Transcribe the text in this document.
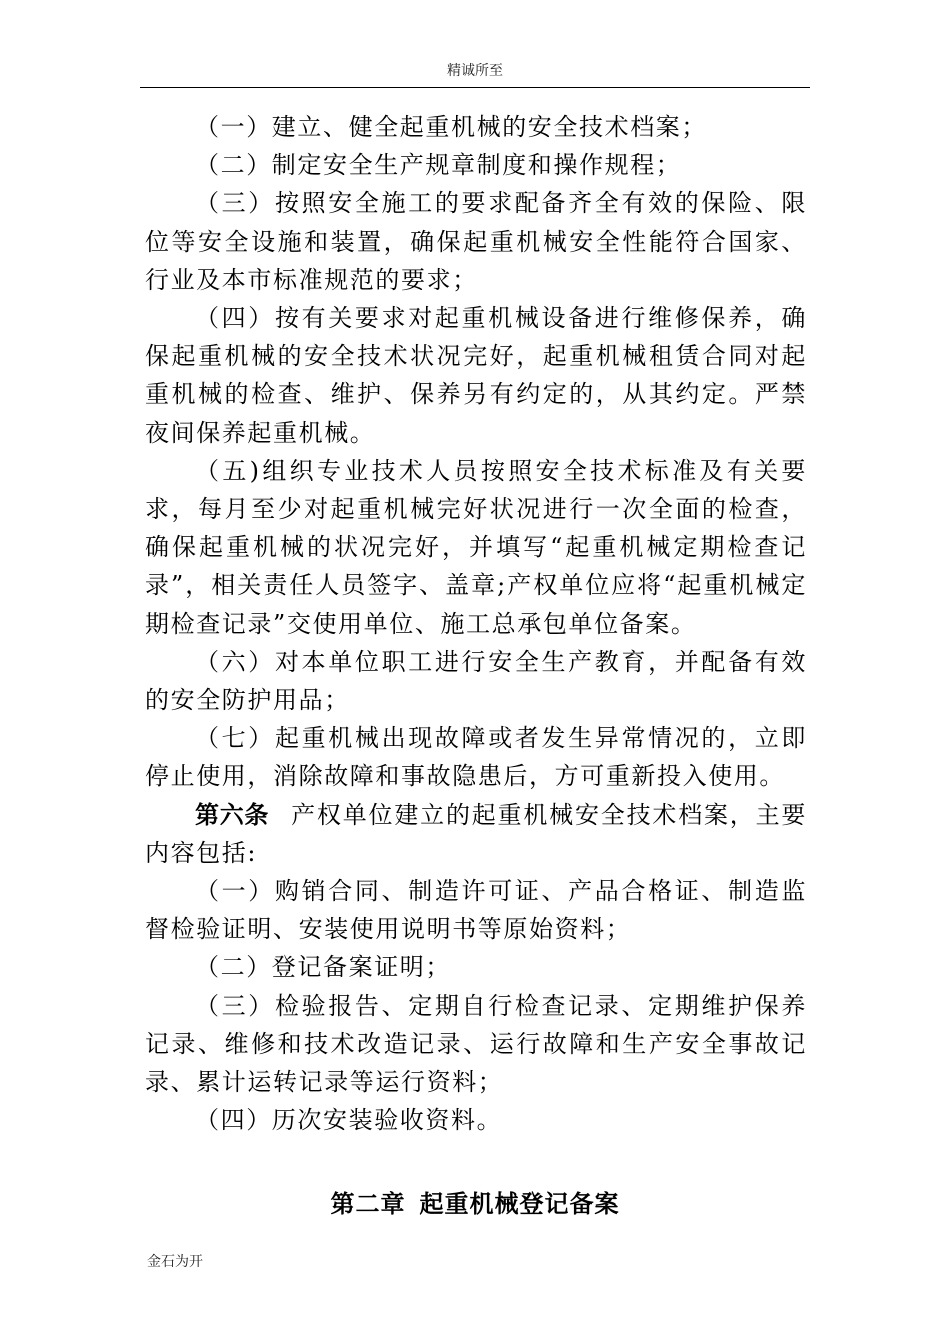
精诚所至

（一）建立、健全起重机械的安全技术档案；

（二）制定安全生产规章制度和操作规程；

（三）按照安全施工的要求配备齐全有效的保险、限位等安全设施和装置，确保起重机械安全性能符合国家、行业及本市标准规范的要求；

（四）按有关要求对起重机械设备进行维修保养，确保起重机械的安全技术状况完好，起重机械租赁合同对起重机械的检查、维护、保养另有约定的，从其约定。严禁夜间保养起重机械。

（五)组织专业技术人员按照安全技术标准及有关要求，每月至少对起重机械完好状况进行一次全面的检查，确保起重机械的状况完好，并填写“起重机械定期检查记录”，相关责任人员签字、盖章;产权单位应将“起重机械定期检查记录”交使用单位、施工总承包单位备案。

（六）对本单位职工进行安全生产教育，并配备有效的安全防护用品；

（七）起重机械出现故障或者发生异常情况的，立即停止使用，消除故障和事故隐患后，方可重新投入使用。

第六条 产权单位建立的起重机械安全技术档案，主要内容包括:

（一）购销合同、制造许可证、产品合格证、制造监督检验证明、安装使用说明书等原始资料；

（二）登记备案证明；

（三）检验报告、定期自行检查记录、定期维护保养记录、维修和技术改造记录、运行故障和生产安全事故记录、累计运转记录等运行资料；

（四）历次安装验收资料。

第二章 起重机械登记备案
金石为开
